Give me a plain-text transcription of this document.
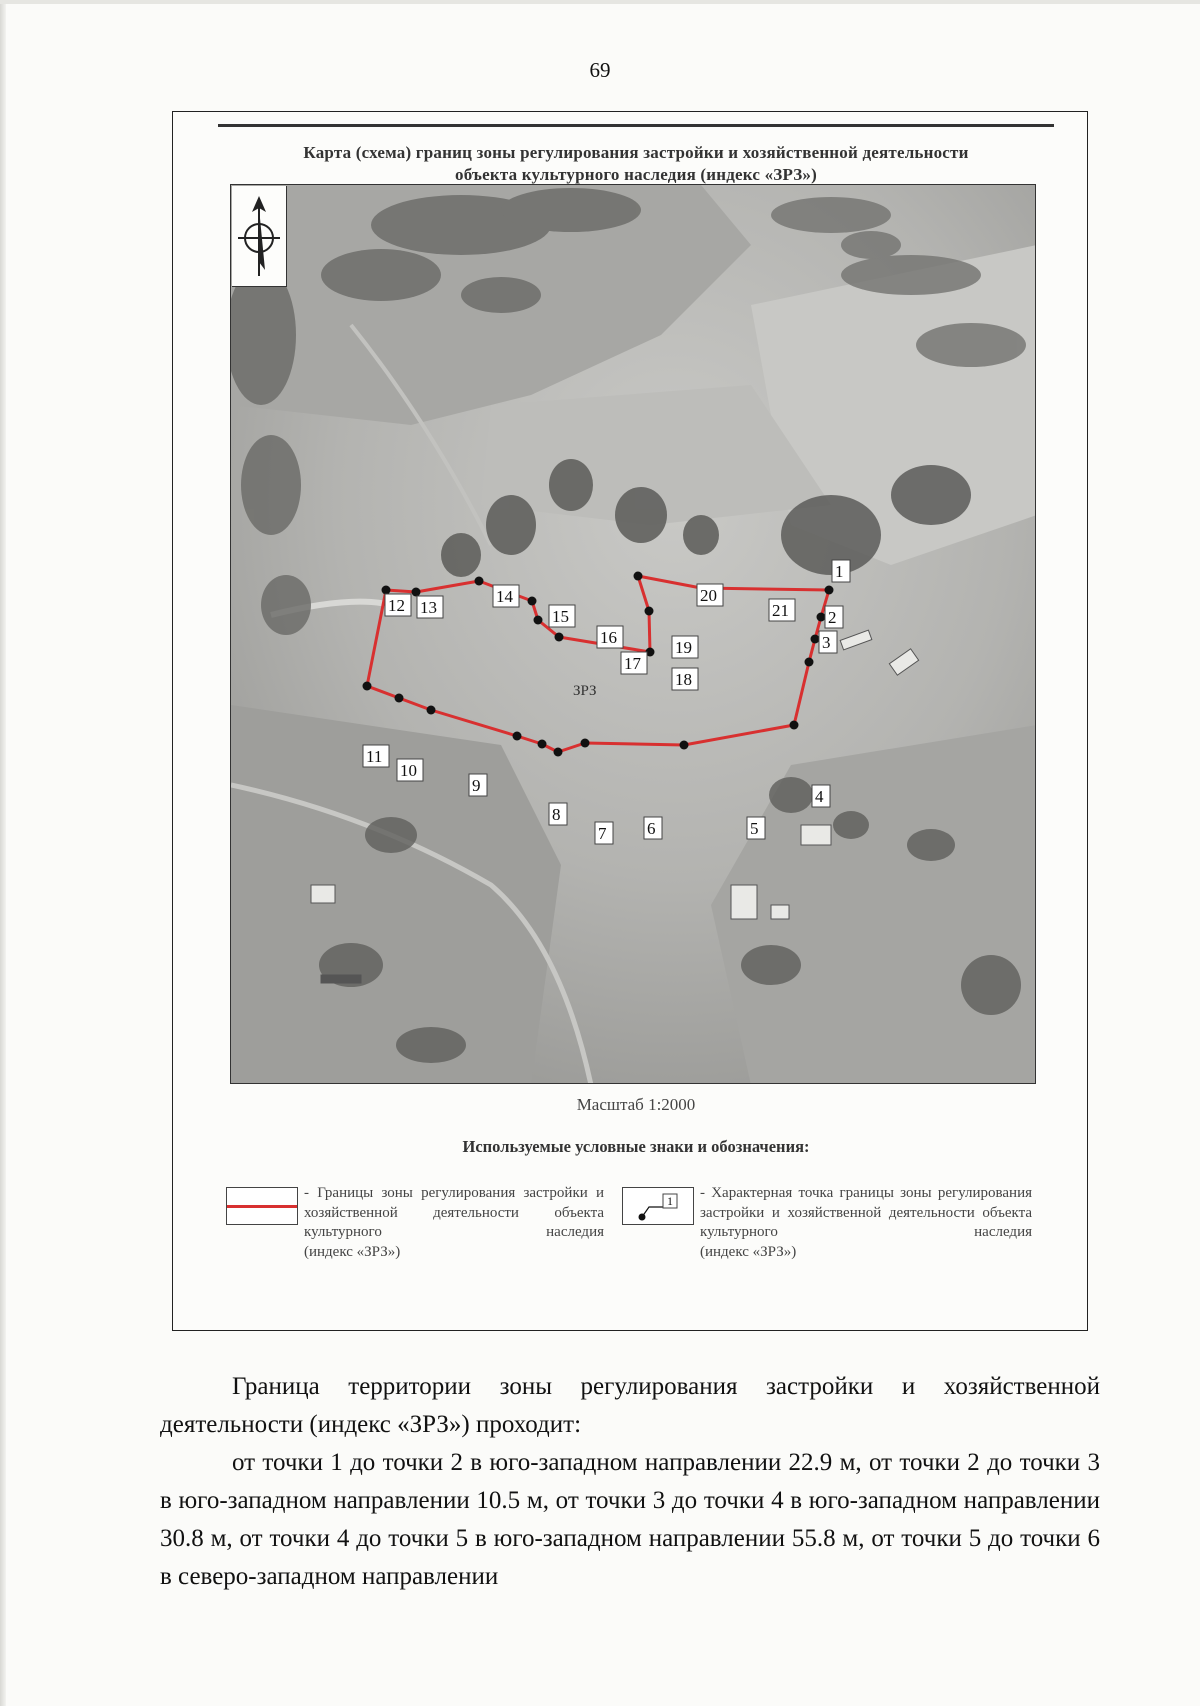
69
Карта (схема) границ зоны регулирования застройки и хозяйственной деятельности
объекта культурного наследия (индекс «ЗРЗ»)
ЗРЗ
1
2
3
4
5
6
7
8
9
10
11
12 13
14
15
16
17
18
19
20
21
Масштаб 1:2000
Используемые условные знаки и обозначения:
- Границы зоны регулирования застройки и хозяйственной деятельности объекта культурного наследия
(индекс «ЗРЗ»)
1 - Характерная точка границы зоны регулирования застройки и хозяйственной деятельности объекта культурного наследия
(индекс «ЗРЗ»)
Граница территории зоны регулирования застройки и хозяйственной деятельности (индекс «ЗРЗ») проходит:
от точки 1 до точки 2 в юго-западном направлении 22.9 м, от точки 2 до точки 3 в юго-западном направлении 10.5 м, от точки 3 до точки 4 в юго-западном направлении 30.8 м, от точки 4 до точки 5 в юго-западном направлении 55.8 м, от точки 5 до точки 6 в северо-западном направлении
